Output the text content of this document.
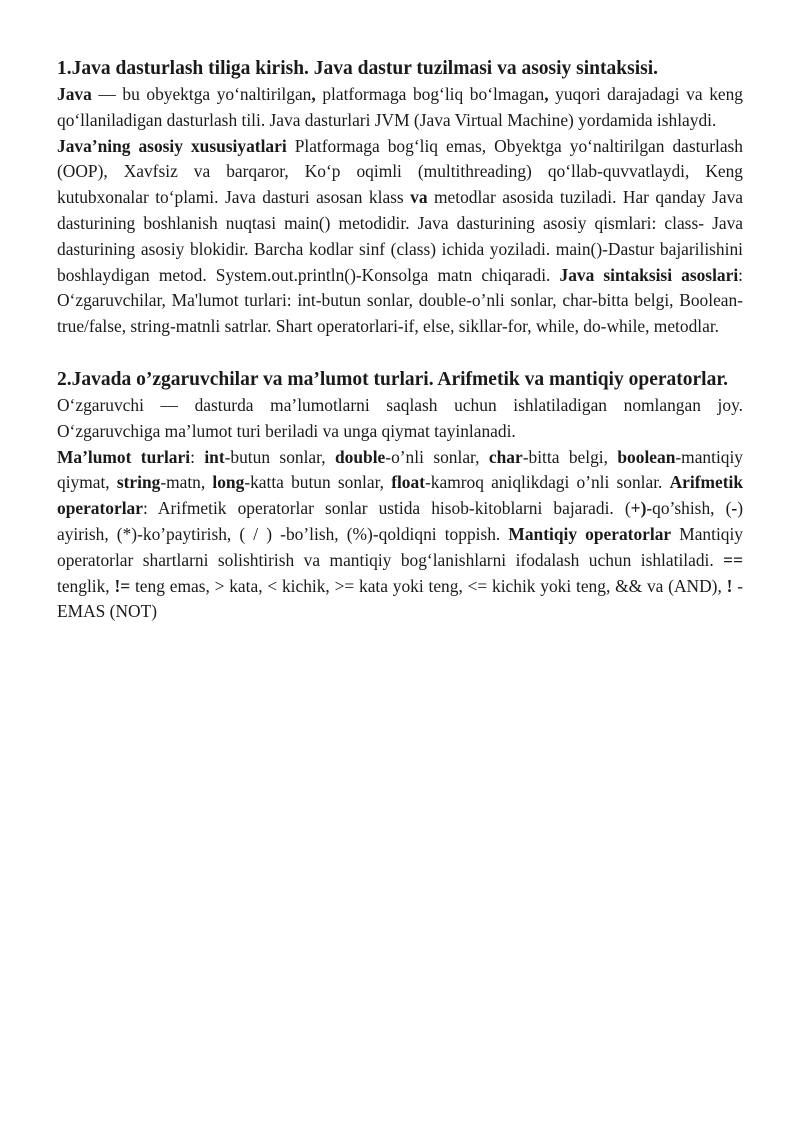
1.Java dasturlash tiliga kirish. Java dastur tuzilmasi va asosiy sintaksisi.

Java — bu obyektga yoʻnaltirilgan, platformaga bogʻliq boʻlmagan, yuqori darajadagi va keng qoʻllaniladigan dasturlash tili. Java dasturlari JVM (Java Virtual Machine) yordamida ishlaydi.

Java’ning asosiy xususiyatlari Platformaga bogʻliq emas, Obyektga yoʻnaltirilgan dasturlash (OOP), Xavfsiz va barqaror, Koʻp oqimli (multithreading) qoʻllab-quvvatlaydi, Keng kutubxonalar toʻplami. Java dasturi asosan klass va metodlar asosida tuziladi. Har qanday Java dasturining boshlanish nuqtasi main() metodidir. Java dasturining asosiy qismlari: class- Java dasturining asosiy blokidir. Barcha kodlar sinf (class) ichida yoziladi. main()-Dastur bajarilishini boshlaydigan metod. System.out.println()-Konsolga matn chiqaradi. Java sintaksisi asoslari: Oʻzgaruvchilar, Ma'lumot turlari: int-butun sonlar, double-o’nli sonlar, char-bitta belgi, Boolean-true/false, string-matnli satrlar. Shart operatorlari-if, else, sikllar-for, while, do-while, metodlar.

2.Javada o’zgaruvchilar va ma’lumot turlari. Arifmetik va mantiqiy operatorlar.

Oʻzgaruvchi — dasturda ma’lumotlarni saqlash uchun ishlatiladigan nomlangan joy. Oʻzgaruvchiga ma’lumot turi beriladi va unga qiymat tayinlanadi.

Ma’lumot turlari: int-butun sonlar, double-o’nli sonlar, char-bitta belgi, boolean-mantiqiy qiymat, string-matn, long-katta butun sonlar, float-kamroq aniqlikdagi o’nli sonlar. Arifmetik operatorlar: Arifmetik operatorlar sonlar ustida hisob-kitoblarni bajaradi. (+)-qo’shish, (-) ayirish, (*)-ko’paytirish, ( / ) -bo’lish, (%)-qoldiqni toppish. Mantiqiy operatorlar Mantiqiy operatorlar shartlarni solishtirish va mantiqiy bogʻlanishlarni ifodalash uchun ishlatiladi. == tenglik, != teng emas, > kata, < kichik, >= kata yoki teng, <= kichik yoki teng, && va (AND), ! - EMAS (NOT)
